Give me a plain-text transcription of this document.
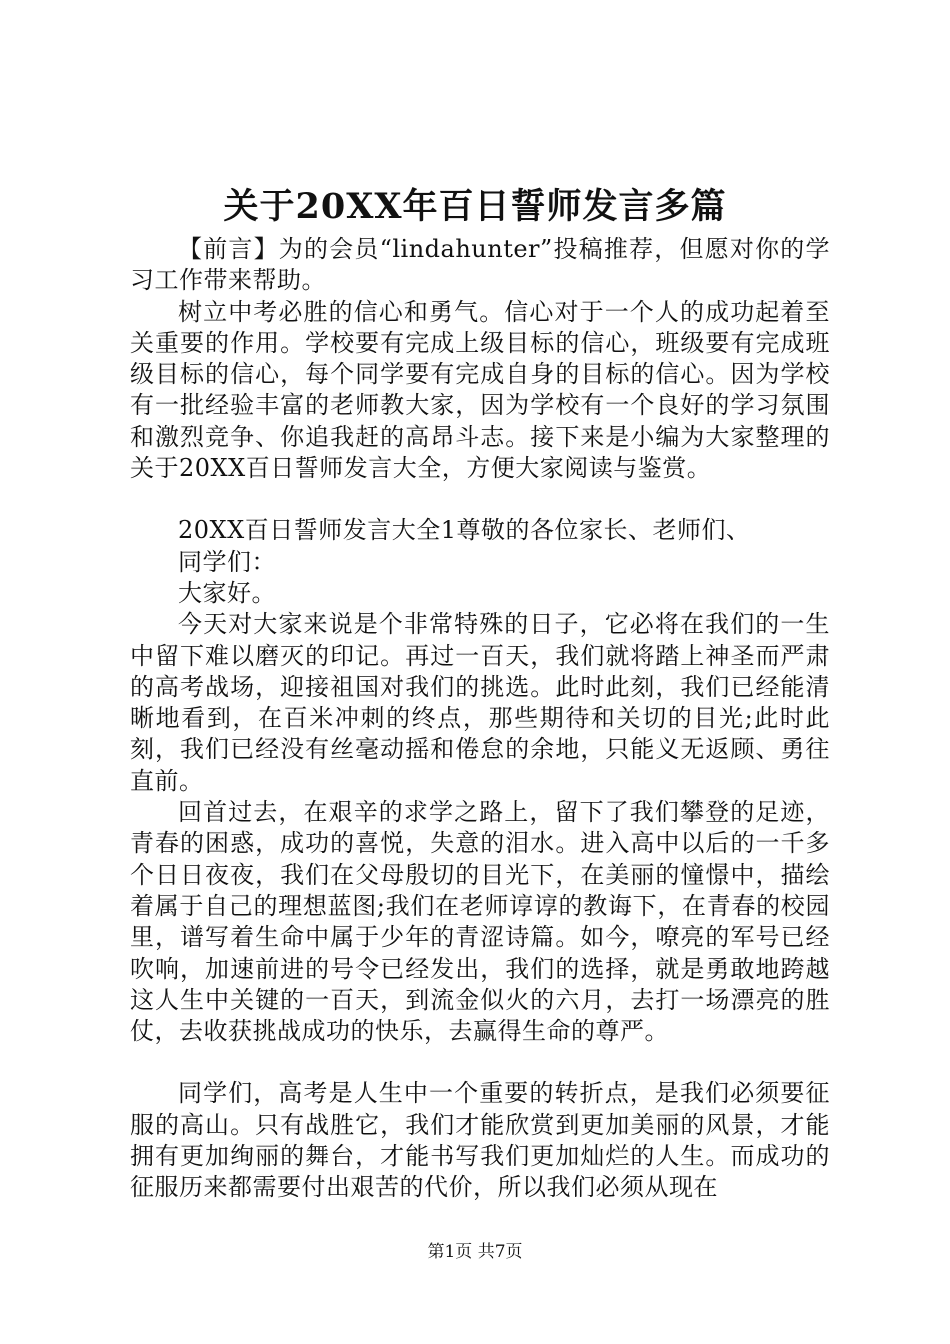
关于20XX年百日誓师发言多篇

【前言】为的会员“lindahunter”投稿推荐，但愿对你的学习工作带来帮助。

树立中考必胜的信心和勇气。信心对于一个人的成功起着至关重要的作用。学校要有完成上级目标的信心，班级要有完成班级目标的信心，每个同学要有完成自身的目标的信心。因为学校有一批经验丰富的老师教大家，因为学校有一个良好的学习氛围和激烈竞争、你追我赶的高昂斗志。接下来是小编为大家整理的关于20XX百日誓师发言大全，方便大家阅读与鉴赏。

20XX百日誓师发言大全1尊敬的各位家长、老师们、

同学们：

大家好。

今天对大家来说是个非常特殊的日子，它必将在我们的一生中留下难以磨灭的印记。再过一百天，我们就将踏上神圣而严肃的高考战场，迎接祖国对我们的挑选。此时此刻，我们已经能清晰地看到，在百米冲刺的终点，那些期待和关切的目光;此时此刻，我们已经没有丝毫动摇和倦怠的余地，只能义无返顾、勇往直前。

回首过去，在艰辛的求学之路上，留下了我们攀登的足迹，青春的困惑，成功的喜悦，失意的泪水。进入高中以后的一千多个日日夜夜，我们在父母殷切的目光下，在美丽的憧憬中，描绘着属于自己的理想蓝图;我们在老师谆谆的教诲下，在青春的校园里，谱写着生命中属于少年的青涩诗篇。如今，嘹亮的军号已经吹响，加速前进的号令已经发出，我们的选择，就是勇敢地跨越这人生中关键的一百天，到流金似火的六月，去打一场漂亮的胜仗，去收获挑战成功的快乐，去赢得生命的尊严。

同学们，高考是人生中一个重要的转折点，是我们必须要征服的高山。只有战胜它，我们才能欣赏到更加美丽的风景，才能拥有更加绚丽的舞台，才能书写我们更加灿烂的人生。而成功的征服历来都需要付出艰苦的代价，所以我们必须从现在

第1页 共7页
